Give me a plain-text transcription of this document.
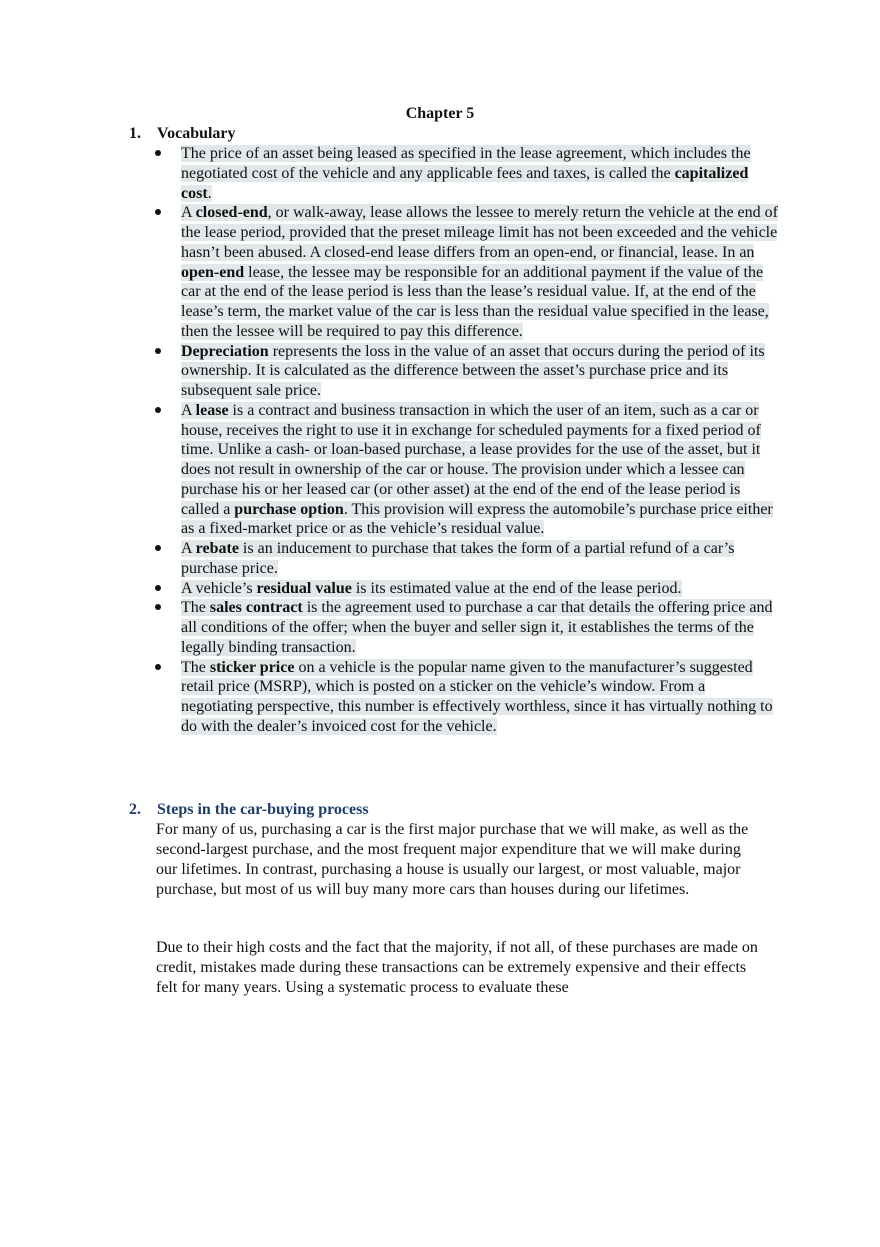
Chapter 5
1. Vocabulary
The price of an asset being leased as specified in the lease agreement, which includes the negotiated cost of the vehicle and any applicable fees and taxes, is called the capitalized cost.
A closed-end, or walk-away, lease allows the lessee to merely return the vehicle at the end of the lease period, provided that the preset mileage limit has not been exceeded and the vehicle hasn’t been abused. A closed-end lease differs from an open-end, or financial, lease. In an open-end lease, the lessee may be responsible for an additional payment if the value of the car at the end of the lease period is less than the lease’s residual value. If, at the end of the lease’s term, the market value of the car is less than the residual value specified in the lease, then the lessee will be required to pay this difference.
Depreciation represents the loss in the value of an asset that occurs during the period of its ownership. It is calculated as the difference between the asset’s purchase price and its subsequent sale price.
A lease is a contract and business transaction in which the user of an item, such as a car or house, receives the right to use it in exchange for scheduled payments for a fixed period of time. Unlike a cash- or loan-based purchase, a lease provides for the use of the asset, but it does not result in ownership of the car or house. The provision under which a lessee can purchase his or her leased car (or other asset) at the end of the end of the lease period is called a purchase option. This provision will express the automobile’s purchase price either as a fixed-market price or as the vehicle’s residual value.
A rebate is an inducement to purchase that takes the form of a partial refund of a car’s purchase price.
A vehicle’s residual value is its estimated value at the end of the lease period.
The sales contract is the agreement used to purchase a car that details the offering price and all conditions of the offer; when the buyer and seller sign it, it establishes the terms of the legally binding transaction.
The sticker price on a vehicle is the popular name given to the manufacturer’s suggested retail price (MSRP), which is posted on a sticker on the vehicle’s window. From a negotiating perspective, this number is effectively worthless, since it has virtually nothing to do with the dealer’s invoiced cost for the vehicle.
2. Steps in the car-buying process

For many of us, purchasing a car is the first major purchase that we will make, as well as the second-largest purchase, and the most frequent major expenditure that we will make during our lifetimes. In contrast, purchasing a house is usually our largest, or most valuable, major purchase, but most of us will buy many more cars than houses during our lifetimes.

Due to their high costs and the fact that the majority, if not all, of these purchases are made on credit, mistakes made during these transactions can be extremely expensive and their effects felt for many years. Using a systematic process to evaluate these
